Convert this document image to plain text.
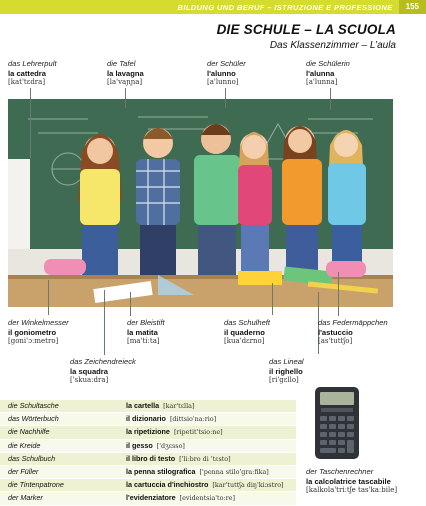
BILDUNG UND BERUF – ISTRUZIONE E PROFESSIONE	155
DIE SCHULE – LA SCUOLA
Das Klassenzimmer – L’aula
das Lehrerpult
la cattedra
[kat'tɛdra]
die Tafel
la lavagna
[la'vaɲɲa]
der Schüler
l'alunno
[a'lunno]
die Schülerin
l'alunna
[a'lunna]
der Winkelmesser
il goniometro
[goni'ɔːmetro]
der Bleistift
la matita
[ma'tiːta]
das Schulheft
il quaderno
[kua'dɛrno]
das Federmäppchen
l'astuccio
[as'tuttʃo]
das Zeichendreieck
la squadra
['skuaːdra]
das Lineal
il righello
[ri'gɛllo]
die Schultasche	la cartella [kar'tɛlla]
das Wörterbuch	il dizionario [dittsio'naːrio]
die Nachhilfe	la ripetizione [ripetit'tsioːne]
die Kreide	il gesso ['dʒɛsso]
das Schulbuch	il libro di testo ['liːbro di 'tɛsto]
der Füller	la penna stilografica ['penna stilo'graːfika]
die Tintenpatrone	la cartuccia d'inchiostro [kar'tuttʃa diŋ'kiɔstro]
der Marker	l'evidenziatore [evidentsia'toːre]
der Taschenrechner
la calcolatrice tascabile
[kalkola'triːtʃe tas'kaːbile]
